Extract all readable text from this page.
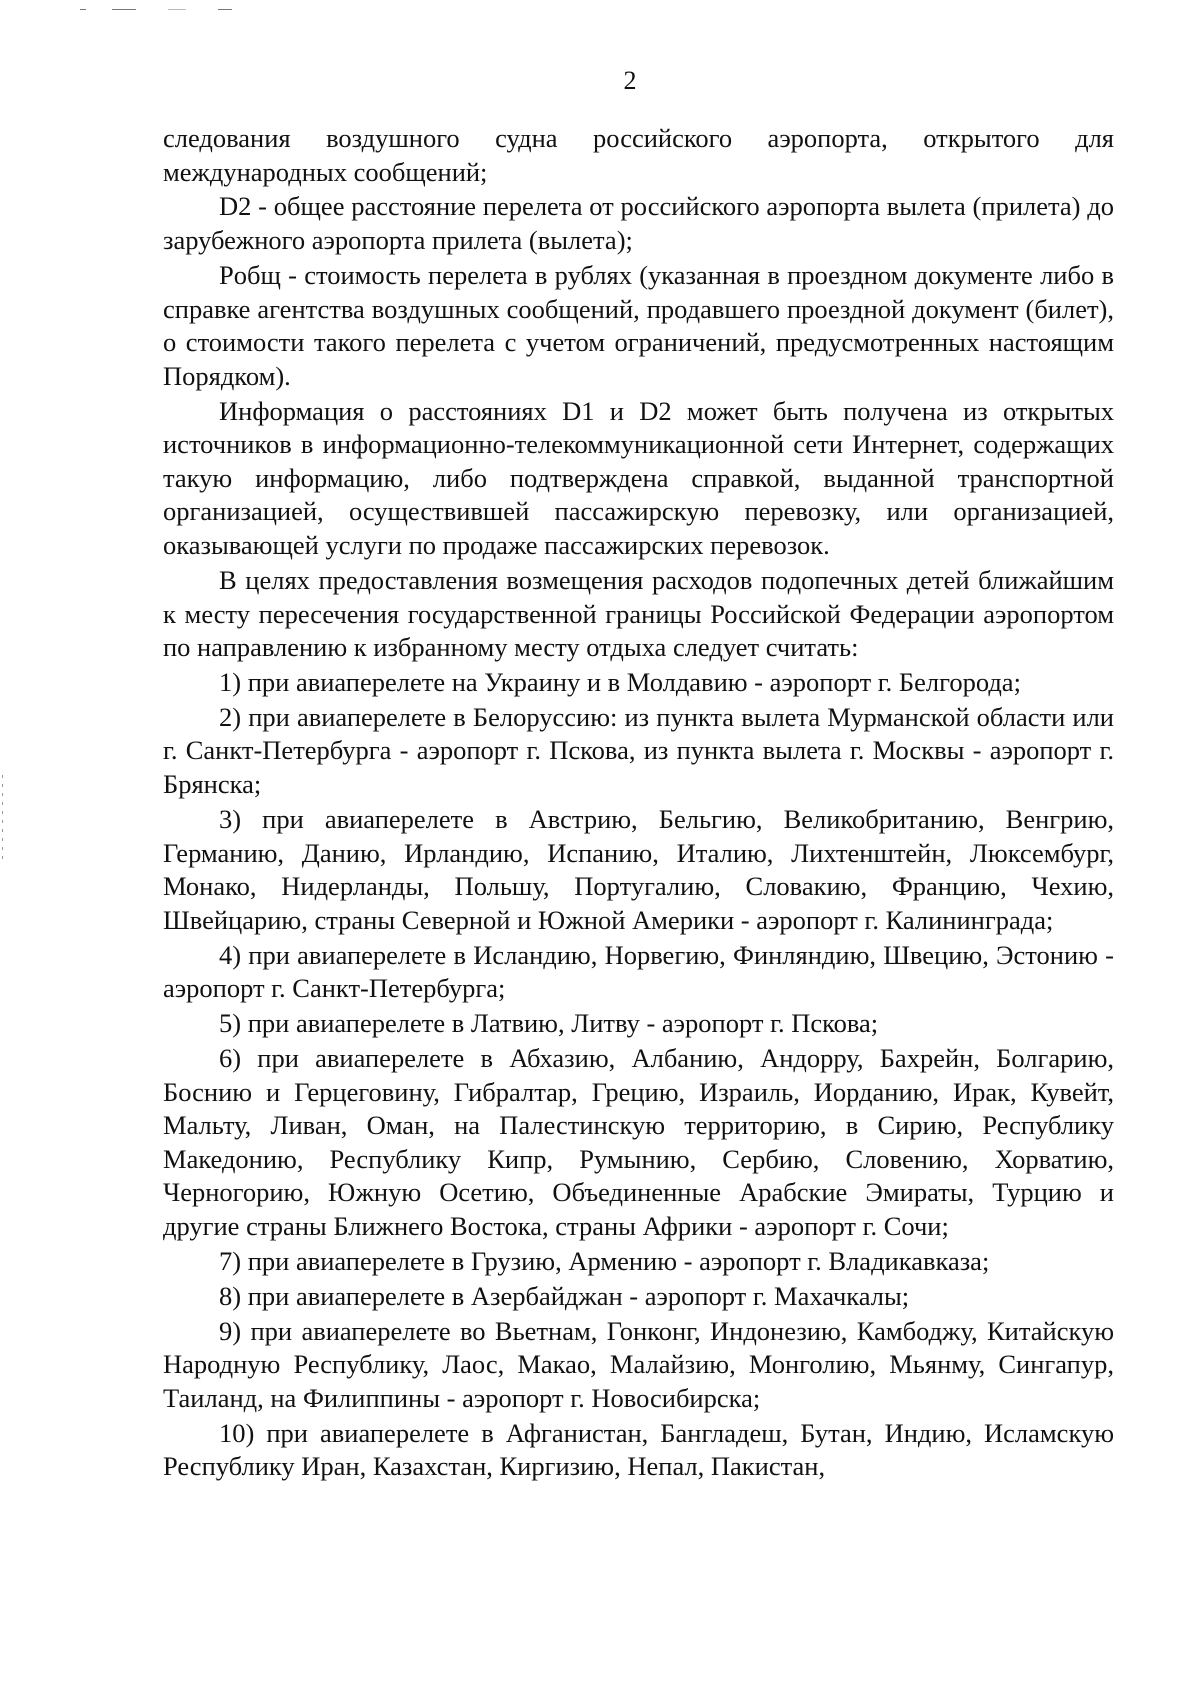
2

следования воздушного судна российского аэропорта, открытого для международных сообщений;

D2 - общее расстояние перелета от российского аэропорта вылета (прилета) до зарубежного аэропорта прилета (вылета);

Pобщ - стоимость перелета в рублях (указанная в проездном документе либо в справке агентства воздушных сообщений, продавшего проездной документ (билет), о стоимости такого перелета с учетом ограничений, предусмотренных настоящим Порядком).

Информация о расстояниях D1 и D2 может быть получена из открытых источников в информационно-телекоммуникационной сети Интернет, содержащих такую информацию, либо подтверждена справкой, выданной транспортной организацией, осуществившей пассажирскую перевозку, или организацией, оказывающей услуги по продаже пассажирских перевозок.

В целях предоставления возмещения расходов подопечных детей ближайшим к месту пересечения государственной границы Российской Федерации аэропортом по направлению к избранному месту отдыха следует считать:

1) при авиаперелете на Украину и в Молдавию - аэропорт г. Белгорода;

2) при авиаперелете в Белоруссию: из пункта вылета Мурманской области или г. Санкт-Петербурга - аэропорт г. Пскова, из пункта вылета г. Москвы - аэропорт г. Брянска;

3) при авиаперелете в Австрию, Бельгию, Великобританию, Венгрию, Германию, Данию, Ирландию, Испанию, Италию, Лихтенштейн, Люксембург, Монако, Нидерланды, Польшу, Португалию, Словакию, Францию, Чехию, Швейцарию, страны Северной и Южной Америки - аэропорт г. Калининграда;

4) при авиаперелете в Исландию, Норвегию, Финляндию, Швецию, Эстонию - аэропорт г. Санкт-Петербурга;

5) при авиаперелете в Латвию, Литву - аэропорт г. Пскова;

6) при авиаперелете в Абхазию, Албанию, Андорру, Бахрейн, Болгарию, Боснию и Герцеговину, Гибралтар, Грецию, Израиль, Иорданию, Ирак, Кувейт, Мальту, Ливан, Оман, на Палестинскую территорию, в Сирию, Республику Македонию, Республику Кипр, Румынию, Сербию, Словению, Хорватию, Черногорию, Южную Осетию, Объединенные Арабские Эмираты, Турцию и другие страны Ближнего Востока, страны Африки - аэропорт г. Сочи;

7) при авиаперелете в Грузию, Армению - аэропорт г. Владикавказа;

8) при авиаперелете в Азербайджан - аэропорт г. Махачкалы;

9) при авиаперелете во Вьетнам, Гонконг, Индонезию, Камбоджу, Китайскую Народную Республику, Лаос, Макао, Малайзию, Монголию, Мьянму, Сингапур, Таиланд, на Филиппины - аэропорт г. Новосибирска;

10) при авиаперелете в Афганистан, Бангладеш, Бутан, Индию, Исламскую Республику Иран, Казахстан, Киргизию, Непал, Пакистан,
